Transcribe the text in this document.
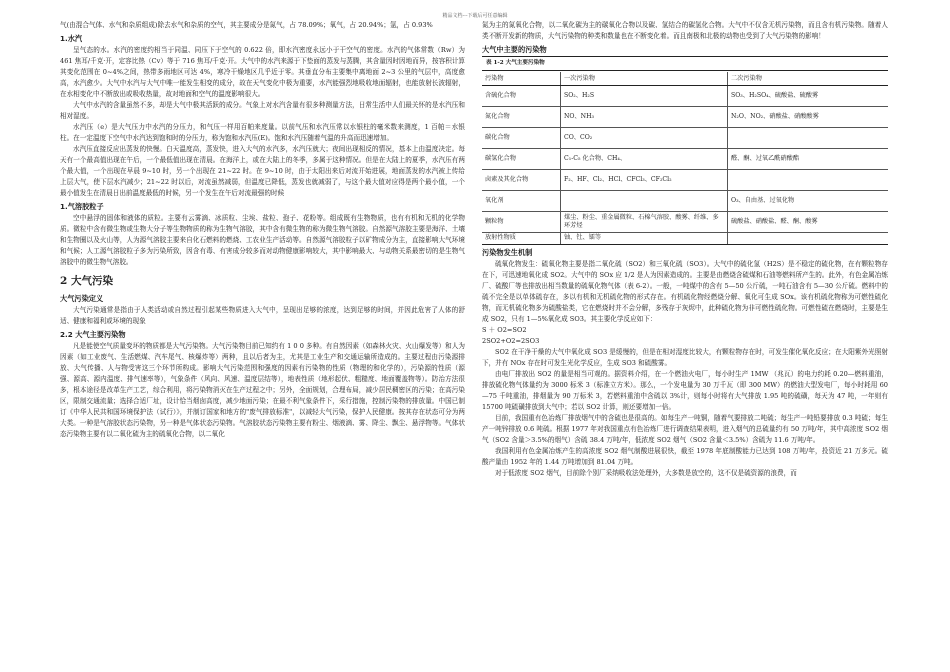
精品文档---下载后可任意编辑

气(由混合气体、水气和杂质组成)除去水气和杂质的空气，其主要成分是氮气，占 78.09%；氧气，占 20.94%；氩，占 0.93%

1.水汽

呈气态的水。水汽的密度约相当于同温、同压下于空气的 0.622 倍，即水汽密度永远小于干空气的密度。水汽的气体常数（Rw）为 461 焦耳/千克·开，定容比热（Cv）等于 716 焦耳/千克·开。大气中的水汽来源于下垫面的蒸发与蒸腾，其含量因时因地而异，按容积计算其变化范围在 0~4%之间，热带多雨地区可达 4%，寒冷干燥地区几乎近于零。其垂直分布主要集中离地面 2~3 公里的气层中，高度愈高，水汽愈少。大气中水汽与大气中唯一能发生相变的成分，故在天气变化中极为重要，水汽能强烈地吸收地面辐射，也能放射长波辐射，在水相变化中不断放出或吸收热量，故对地面和空气的温度影响很大。

大气中水汽的含量虽然不多，却是大气中极其活跃的成分。气象上对水汽含量有很多种测量方法，日常生活中人们最关怀的是水汽压和相对湿度。

水汽压（e）是大气压力中水汽的分压力，和气压一样用百帕来度量。以前气压和水汽压常以水银柱的毫米数来测度，1 百帕＝水银柱。在一定温度下空气中水汽达到饱和时的分压力，称为饱和水汽压(E)。饱和水汽压随着气温的升高而迅速增加。

水汽压直接反应出蒸发的快慢。白天温度高，蒸发快，进入大气的水汽多，水汽压就大；夜间出现相反的情况，基本上由温度决定。每天有一个最高值出现在午后，一个最低值出现在清晨。在海洋上，或在大陆上的冬季，多属于这种情况。但是在大陆上的夏季，水汽压有两个最大值，一个出现在早晨 9~10 时，另一个出现在 21~22 时。在 9~10 时，由于太阳出来后对流开始进展，地面蒸发的水汽被上传给上层大气，使下层水汽减少；21~22 时以后，对流虽然减弱，但温度已降低，蒸发也就减弱了，与这个最大值对应得是两个最小值，一个最小值发生在清晨日出前温度最低的时候，另一个发生在午后对流最强的时候

1.气溶胶粒子

空中悬浮的固体和液体的质粒。主要有云雾滴、冰质粒、尘埃、盐粒、孢子、花粉等。组成既有生物物质，也有有机和无机的化学物质。微粒中含有微生物或生物大分子等生物物质的称为生物气溶胶，其中含有微生物的称为微生物气溶胶。自然源气溶胶主要是海洋、土壤和生物圈以及火山等，人为源气溶胶主要来自化石燃料的燃烧、工农业生产活动等。自然源气溶胶粒子以矿物成分为主，直接影响大气环境和气候；人工源气溶胶粒子多为污染所致，因含有毒、有害成分较多而对动物健康影响较大，其中影响最大、与动物关系最密切的是生物气溶胶中的微生物气溶胶。

2 大气污染
大气污染定义

大气污染通常是指由于人类活动或自然过程引起某些物质进入大气中，呈现出足够的浓度，达到足够的时间，并因此危害了人体的舒适、健康和福利或环境的现象

2.2 大气主要污染物

凡是能使空气质量变坏的物质都是大气污染物。大气污染物目前已知约有 1 0 0 多种。有自然因素（如森林火灾、火山爆发等）和人为因素（如工业废气、生活燃煤、汽车尾气、核爆炸等）两种，且以后者为主，尤其是工业生产和交通运输所造成的。主要过程由污染源排放、大气传播、人与物受害这三个环节所构成。影响大气污染范围和强度的因素有污染物的性质（物理的和化学的），污染源的性质（源强、源高、源内温度、排气速率等），气象条件（风向、风速、温度层结等），地表性质（地形起伏、粗糙度、地面覆盖物等）。防治方法很多，根本途径是改革生产工艺，综合利用，将污染物消灭在生产过程之中；另外，全面规划，合理布局，减少居民稠密区的污染；在高污染区，限制交通流量；选择合适厂址，设计恰当烟囱高度，减少地面污染；在最不利气象条件下，采行措施，控制污染物的排放量。中国已制订《中华人民共和国环境保护法（试行）》，并制订国家和地方的"废气排放标准"，以减轻大气污染，保护人民健康。按其存在状态可分为两大类。一种是气溶胶状态污染物，另一种是气体状态污染物。气溶胶状态污染物主要有粉尘、烟液滴、雾、降尘、飘尘、悬浮物等。气体状态污染物主要有以二氧化硫为主的硫氧化合物，以二氧化

氮为主的氮氧化合物，以二氧化碳为主的碳氧化合物以及碳、氢结合的碳氢化合物。大气中不仅含无机污染物，而且含有机污染物。随着人类不断开发新的物质，大气污染物的种类和数量也在不断变化着。而且南极和北极的动物也受到了大气污染物的影响！

大气中主要的污染物
表 1-2 大气主要污染物
污染物	一次污染物	二次污染物
含硫化合物	SO₂、H₂S	SO₃、H₂SO₄、硫酸盐、硫酸雾
氮化合物	NO、NH₃	N₂O、NO₂、硝酸盐、硝酸酸雾
碳化合物	CO、CO₂	
碳氢化合物	C₁-C₅ 化合物、CH₄、	醛、酮、过氧乙酰硝酸酯
卤素及其化合物	F₂、HF、Cl₂、HCl、CFCl₃、CF₂Cl₂	
氧化剂		O₃、自由基、过氧化物
颗粒物	煤尘、粉尘、重金属微粒、石棉气溶胶、酸雾、纤维、多环芳烃	硫酸盐、硝酸盐、醛、酮、酸雾
放射性物质	铀、钍、镭等	
污染物发生机制

硫氧化物发生：硫氧化物主要是指二氧化硫（SO2）和三氧化硫（SO3）。大气中的硫化氢（H2S）是不稳定的硫化物，在有颗粒物存在下，可迅速地氧化成 SO2。大气中的 SOx 应 1/2 是人为因素造成的。主要是由燃烧含硫煤和石油等燃料所产生的。此外，有色金属冶炼厂、硫酸厂等也排放出相当数量的硫氧化物气体（表 6-2）。一般，一吨煤中的含有 5—50 公斤硫，一吨石油含有 5—30 公斤硫。燃料中的硫不完全是以单体硫存在，多以有机和无机硫化物的形式存在。有机硫化物经燃烧分解、氧化可生成 SOx。该有机硫化物称为可燃性硫化物，而无机硫化物多为硫酸盐类，它在燃烧时并不会分解，多残存于灰烬中，此种硫化物为非可燃性硫化物。可燃性硫在燃烧时，主要是生成 SO2，只有 1—5%氧化成 SO3。其主要化学反应如下：

S ＋ O2=SO2

2SO2+O2=2SO3

SO2 在干净干燥的大气中氧化成 SO3 是缓慢的，但是在相对湿度比较大，有颗粒物存在时，可发生催化氧化反应；在大阳紫外光照射下，并有 NOx 存在时可发生光化学反应，生成 SO3 和硫酸雾。

由电厂排放出 SO2 的量是相当可观的。据资料介绍，在一个燃油火电厂，每小时生产 1MW （兆瓦）的电力约耗 0.20—燃料重油，排放硫化物气体量约为 3000 标米 3（标准立方米）。那么，一个发电量为 30 万千瓦（即 300 MW）的燃油大型发电厂，每小时耗用 60—75 千吨重油，排烟量为 90 万标米 3，若燃料重油中含硫以 3%计，则每小时将有大气排放 1.95 吨的硫磺，每天为 47 吨，一年则有 15700 吨硫磺排放到大气中；若以 SO2 计算，则还要增加一倍。

目前，我国重有色冶炼厂排放烟气中的含硫也是很高的。如每生产一吨铜，随着气要排放二吨硫；每生产一吨铅要排放 0.3 吨硫；每生产一吨锌排放 0.6 吨硫。根据 1977 年对我国重点有色冶炼厂进行调查结果表明，进入烟气的总硫量约有 50 万吨/年，其中高浓度 SO2 烟气（SO2 含量＞3.5%的烟气）含硫 38.4 万吨/年，低浓度 SO2 烟气（SO2 含量＜3.5%）含硫为 11.6 万吨/年。

我国利用有色金属冶炼产生的高浓度 SO2 烟气制酸进展很快，截至 1978 年底制酸能力已达到 108 万吨/年，投资近 21 万多元。硫酸产量由 1952 年的 1.44 万吨增加到 81.04 万吨。

对于低浓度 SO2 烟气，目前除个别厂采纳吸收法处理外，大多数是放空的，这不仅是硫资源的浪费，而
